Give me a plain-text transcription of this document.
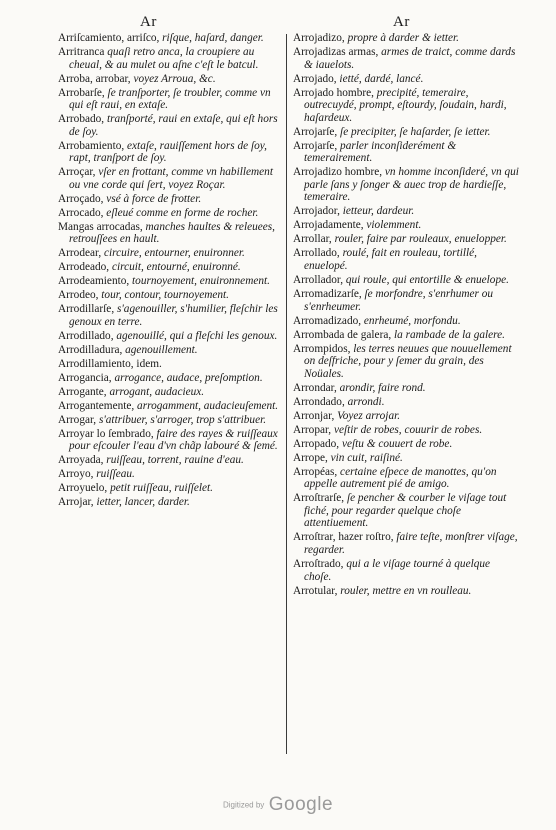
Ar	Ar
Arriſcamiento, arriſco, riſque, haſard, danger.
Arritranca quaſi retro anca, la croupiere au cheual, & au mulet ou aſne c'eſt le batcul.
Arroba, arrobar, voyez Arroua, &c.
Arrobarſe, ſe tranſporter, ſe troubler, comme vn qui eſt raui, en extaſe.
Arrobado, tranſporté, raui en extaſe, qui eſt hors de ſoy.
Arrobamiento, extaſe, rauiſſement hors de ſoy, rapt, tranſport de ſoy.
Arroçar, vſer en frottant, comme vn habillement ou vne corde qui ſert, voyez Roçar.
Arroçado, vsé à force de frotter.
Arrocado, eſleué comme en forme de rocher.
Mangas arrocadas, manches haultes & releuees, retrouſſees en hault.
Arrodear, circuire, entourner, enuironner.
Arrodeado, circuit, entourné, enuironné.
Arrodeamiento, tournoyement, enuironnement.
Arrodeo, tour, contour, tournoyement.
Arrodillarſe, s'agenouiller, s'humilier, fleſchir les genoux en terre.
Arrodillado, agenouillé, qui a fleſchi les genoux.
Arrodilladura, agenouillement.
Arrodillamiento, idem.
Arrogancia, arrogance, audace, preſomption.
Arrogante, arrogant, audacieux.
Arrogantemente, arrogamment, audacieuſement.
Arrogar, s'attribuer, s'arroger, trop s'attribuer.
Arroyar lo ſembrado, faire des rayes & ruiſſeaux pour eſcouler l'eau d'vn chãp labouré & ſemé.
Arroyada, ruiſſeau, torrent, rauine d'eau.
Arroyo, ruiſſeau.
Arroyuelo, petit ruiſſeau, ruiſſelet.
Arrojar, ietter, lancer, darder.
Arrojadizo, propre à darder & ietter.
Arrojadizas armas, armes de traict, comme dards & iauelots.
Arrojado, ietté, dardé, lancé.
Arrojado hombre, precipité, temeraire, outrecuydé, prompt, eſtourdy, ſoudain, hardi, haſardeux.
Arrojarſe, ſe precipiter, ſe haſarder, ſe ietter.
Arrojarſe, parler inconſiderément & temerairement.
Arrojadizo hombre, vn homme inconſideré, vn qui parle ſans y ſonger & auec trop de hardieſſe, temeraire.
Arrojador, ietteur, dardeur.
Arrojadamente, violemment.
Arrollar, rouler, faire par rouleaux, enuelopper.
Arrollado, roulé, fait en rouleau, tortillé, enuelopé.
Arrollador, qui roule, qui entortille & enuelope.
Arromadizarſe, ſe morfondre, s'enrhumer ou s'enrheumer.
Arromadizado, enrheumé, morfondu.
Arrombada de galera, la rambade de la galere.
Arrompidos, les terres neuues que nouuellement on deſfriche, pour y ſemer du grain, des Noüales.
Arrondar, arondir, faire rond.
Arrondado, arrondi.
Arronjar, Voyez arrojar.
Arropar, veſtir de robes, couurir de robes.
Arropado, veſtu & couuert de robe.
Arrope, vin cuit, raiſiné.
Arropéas, certaine eſpece de manottes, qu'on appelle autrement pié de amigo.
Arroſtrarſe, ſe pencher & courber le viſage tout fiché, pour regarder quelque choſe attentiuement.
Arroſtrar, hazer roſtro, faire teſte, monſtrer viſage, regarder.
Arroſtrado, qui a le viſage tourné à quelque choſe.
Arrotular, rouler, mettre en vn roulleau.
Digitized by Google
